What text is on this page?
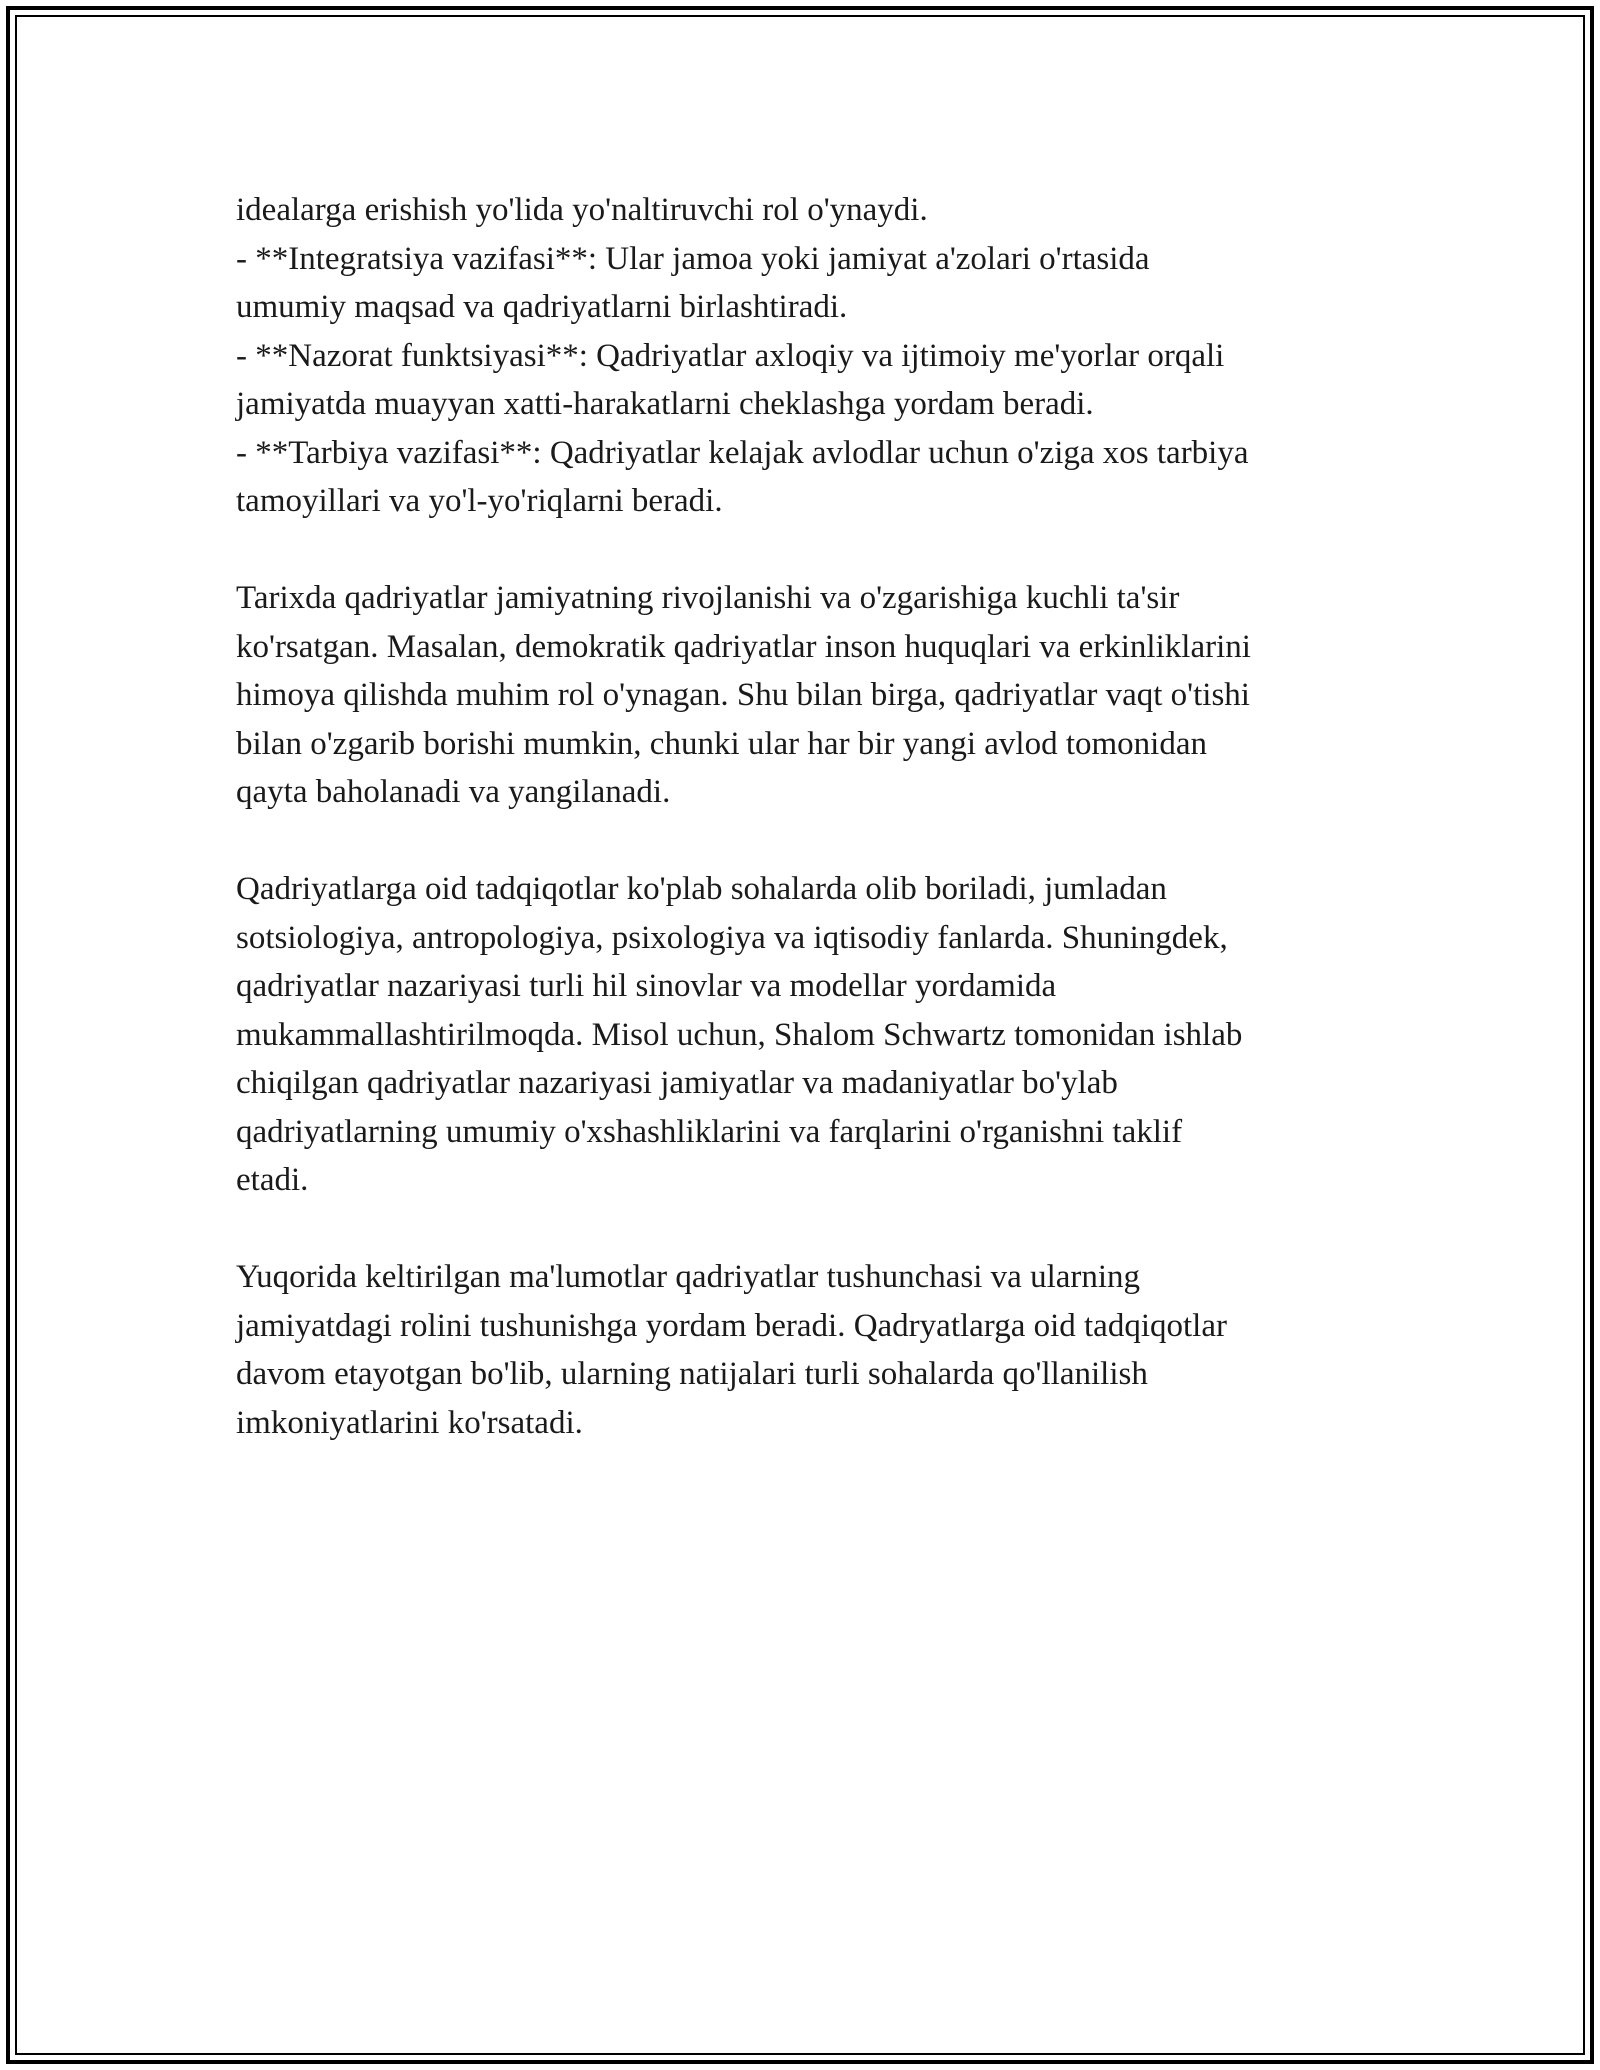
idealarga erishish yo'lida yo'naltiruvchi rol o'ynaydi.
- **Integratsiya vazifasi**: Ular jamoa yoki jamiyat a'zolari o'rtasida
umumiy maqsad va qadriyatlarni birlashtiradi.
- **Nazorat funktsiyasi**: Qadriyatlar axloqiy va ijtimoiy me'yorlar orqali
jamiyatda muayyan xatti-harakatlarni cheklashga yordam beradi.
- **Tarbiya vazifasi**: Qadriyatlar kelajak avlodlar uchun o'ziga xos tarbiya
tamoyillari va yo'l-yo'riqlarni beradi.
Tarixda qadriyatlar jamiyatning rivojlanishi va o'zgarishiga kuchli ta'sir
ko'rsatgan. Masalan, demokratik qadriyatlar inson huquqlari va erkinliklarini
himoya qilishda muhim rol o'ynagan. Shu bilan birga, qadriyatlar vaqt o'tishi
bilan o'zgarib borishi mumkin, chunki ular har bir yangi avlod tomonidan
qayta baholanadi va yangilanadi.
Qadriyatlarga oid tadqiqotlar ko'plab sohalarda olib boriladi, jumladan
sotsiologiya, antropologiya, psixologiya va iqtisodiy fanlarda. Shuningdek,
qadriyatlar nazariyasi turli hil sinovlar va modellar yordamida
mukammallashtirilmoqda. Misol uchun, Shalom Schwartz tomonidan ishlab
chiqilgan qadriyatlar nazariyasi jamiyatlar va madaniyatlar bo'ylab
qadriyatlarning umumiy o'xshashliklarini va farqlarini o'rganishni taklif
etadi.
Yuqorida keltirilgan ma'lumotlar qadriyatlar tushunchasi va ularning
jamiyatdagi rolini tushunishga yordam beradi. Qadryatlarga oid tadqiqotlar
davom etayotgan bo'lib, ularning natijalari turli sohalarda qo'llanilish
imkoniyatlarini ko'rsatadi.
